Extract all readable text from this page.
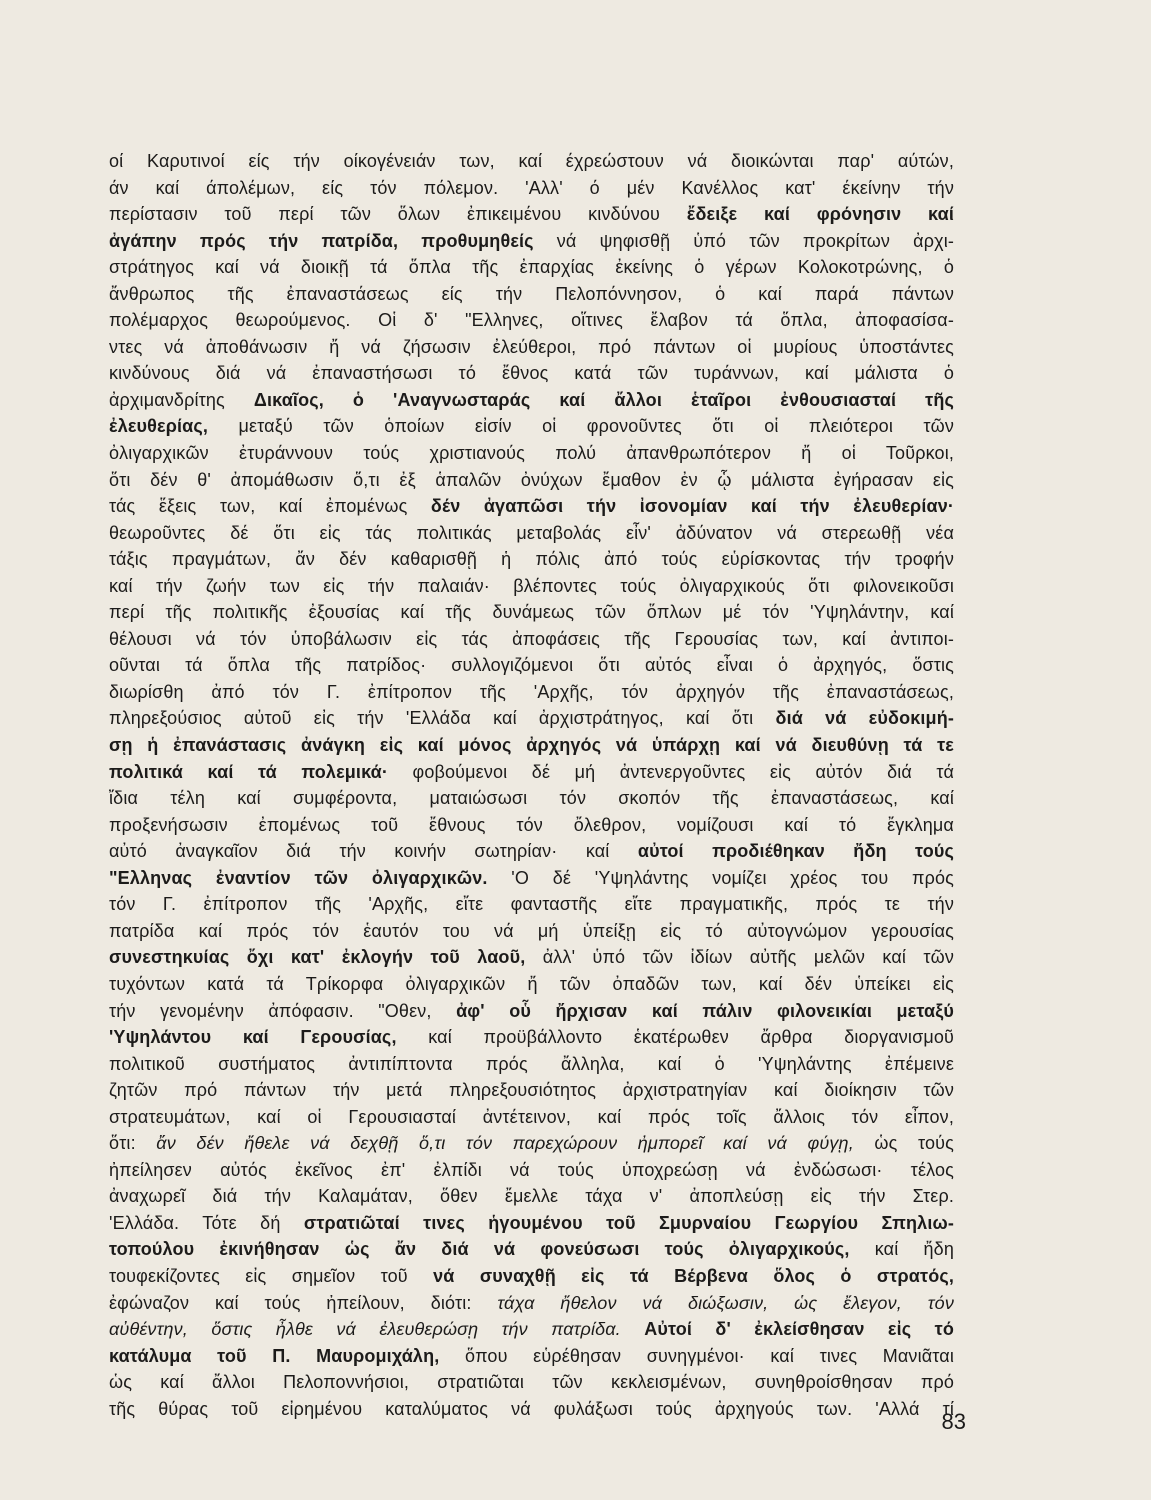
οί Καρυτινοί είς τήν οίκογένειάν των, καί έχρεώστουν νά διοικώνται παρ' αύτών,
άν καί άπολέμων, είς τόν πόλεμον. 'Αλλ' ό μέν Κανέλλος κατ' έκείνην τήν
περίστασιν τοῦ περί τῶν ὅλων ἐπικειμένου κινδύνου ἔδειξε καί φρόνησιν καί
ἀγάπην πρός τήν πατρίδα, προθυμηθείς νά ψηφισθῇ ὑπό τῶν προκρίτων ἀρχι-
στράτηγος καί νά διοικῇ τά ὅπλα τῆς ἐπαρχίας ἐκείνης ὁ γέρων Κολοκοτρώνης, ὁ
ἄνθρωπος τῆς ἐπαναστάσεως είς τήν Πελοπόννησον, ὁ καί παρά πάντων
πολέμαρχος θεωρούμενος. Οἱ δ' "Ελληνες, οἵτινες ἔλαβον τά ὅπλα, ἀποφασίσα-
ντες νά ἀποθάνωσιν ἤ νά ζήσωσιν ἐλεύθεροι, πρό πάντων οἱ μυρίους ὑποστάντες
κινδύνους διά νά ἐπαναστήσωσι τό ἔθνος κατά τῶν τυράννων, καί μάλιστα ὁ
ἀρχιμανδρίτης Δικαῖος, ὁ 'Αναγνωσταράς καί ἄλλοι ἑταῖροι ἐνθουσιασταί τῆς
ἐλευθερίας, μεταξύ τῶν ὁποίων εἰσίν οἱ φρονοῦντες ὅτι οἱ πλειότεροι τῶν
ὀλιγαρχικῶν ἐτυράννουν τούς χριστιανούς πολύ ἀπανθρωπότερον ἤ οἱ Τοῦρκοι,
ὅτι δέν θ' ἀπομάθωσιν ὅ,τι ἐξ ἁπαλῶν ὀνύχων ἔμαθον ἐν ᾧ μάλιστα ἐγήρασαν εἰς
τάς ἕξεις των, καί ἐπομένως δέν ἀγαπῶσι τήν ἰσονομίαν καί τήν ἐλευθερίαν·
θεωροῦντες δέ ὅτι εἰς τάς πολιτικάς μεταβολάς εἶν' ἀδύνατον νά στερεωθῇ νέα
τάξις πραγμάτων, ἄν δέν καθαρισθῇ ἡ πόλις ἀπό τούς εὑρίσκοντας τήν τροφήν
καί τήν ζωήν των εἰς τήν παλαιάν· βλέποντες τούς ὀλιγαρχικούς ὅτι φιλονεικοῦσι
περί τῆς πολιτικῆς ἐξουσίας καί τῆς δυνάμεως τῶν ὅπλων μέ τόν 'Υψηλάντην, καί
θέλουσι νά τόν ὑποβάλωσιν εἰς τάς ἀποφάσεις τῆς Γερουσίας των, καί ἀντιποι-
οῦνται τά ὅπλα τῆς πατρίδος· συλλογιζόμενοι ὅτι αὐτός εἶναι ὁ ἀρχηγός, ὅστις
διωρίσθη ἀπό τόν Γ. ἐπίτροπον τῆς 'Αρχῆς, τόν ἀρχηγόν τῆς ἐπαναστάσεως,
πληρεξούσιος αὐτοῦ εἰς τήν 'Ελλάδα καί ἀρχιστράτηγος, καί ὅτι διά νά εὐδοκιμή-
σῃ ἡ ἐπανάστασις ἀνάγκη εἰς καί μόνος ἀρχηγός νά ὑπάρχῃ καί νά διευθύνῃ τά τε
πολιτικά καί τά πολεμικά· φοβούμενοι δέ μή ἀντενεργοῦντες εἰς αὐτόν διά τά
ἴδια τέλη καί συμφέροντα, ματαιώσωσι τόν σκοπόν τῆς ἐπαναστάσεως, καί
προξενήσωσιν ἐπομένως τοῦ ἔθνους τόν ὄλεθρον, νομίζουσι καί τό ἔγκλημα
αὐτό ἀναγκαῖον διά τήν κοινήν σωτηρίαν· καί αὐτοί προδιέθηκαν ἤδη τούς
"Ελληνας ἐναντίον τῶν ὀλιγαρχικῶν. 'Ο δέ 'Υψηλάντης νομίζει χρέος του πρός
τόν Γ. ἐπίτροπον τῆς 'Αρχῆς, εἴτε φανταστῆς εἴτε πραγματικῆς, πρός τε τήν
πατρίδα καί πρός τόν ἑαυτόν του νά μή ὑπείξῃ εἰς τό αὐτογνώμον γερουσίας
συνεστηκυίας ὄχι κατ' ἐκλογήν τοῦ λαοῦ, ἀλλ' ὑπό τῶν ἰδίων αὐτῆς μελῶν καί τῶν
τυχόντων κατά τά Τρίκορφα ὀλιγαρχικῶν ἤ τῶν ὀπαδῶν των, καί δέν ὑπείκει εἰς
τήν γενομένην ἀπόφασιν. "Οθεν, ἀφ' οὗ ἤρχισαν καί πάλιν φιλονεικίαι μεταξύ
'Υψηλάντου καί Γερουσίας, καί προϋβάλλοντο ἑκατέρωθεν ἄρθρα διοργανισμοῦ
πολιτικοῦ συστήματος ἀντιπίπτοντα πρός ἄλληλα, καί ὁ 'Υψηλάντης ἐπέμεινε
ζητῶν πρό πάντων τήν μετά πληρεξουσιότητος ἀρχιστρατηγίαν καί διοίκησιν τῶν
στρατευμάτων, καί οἱ Γερουσιασταί ἀντέτεινον, καί πρός τοῖς ἄλλοις τόν εἶπον,
ὅτι: ἄν δέν ἤθελε νά δεχθῇ ὅ,τι τόν παρεχώρουν ἠμπορεῖ καί νά φύγῃ, ὡς τούς
ἠπείλησεν αὐτός ἐκεῖνος ἐπ' ἐλπίδι νά τούς ὑποχρεώσῃ νά ἐνδώσωσι· τέλος
ἀναχωρεῖ διά τήν Καλαμάταν, ὅθεν ἔμελλε τάχα ν' ἀποπλεύσῃ εἰς τήν Στερ.
'Ελλάδα. Τότε δή στρατιῶταί τινες ἡγουμένου τοῦ Σμυρναίου Γεωργίου Σπηλιω-
τοπούλου ἐκινήθησαν ὡς ἄν διά νά φονεύσωσι τούς ὀλιγαρχικούς, καί ἤδη
τουφεκίζοντες εἰς σημεῖον τοῦ νά συναχθῇ εἰς τά Βέρβενα ὅλος ὁ στρατός,
ἐφώναζον καί τούς ἠπείλουν, διότι: τάχα ἤθελον νά διώξωσιν, ὡς ἔλεγον, τόν
αὐθέντην, ὅστις ἦλθε νά ἐλευθερώσῃ τήν πατρίδα. Αὐτοί δ' ἐκλείσθησαν εἰς τό
κατάλυμα τοῦ Π. Μαυρομιχάλη, ὅπου εὑρέθησαν συνηγμένοι· καί τινες Μανιᾶται
ὡς καί ἄλλοι Πελοποννήσιοι, στρατιῶται τῶν κεκλεισμένων, συνηθροίσθησαν πρό
τῆς θύρας τοῦ εἰρημένου καταλύματος νά φυλάξωσι τούς ἀρχηγούς των. 'Αλλά τί
83
